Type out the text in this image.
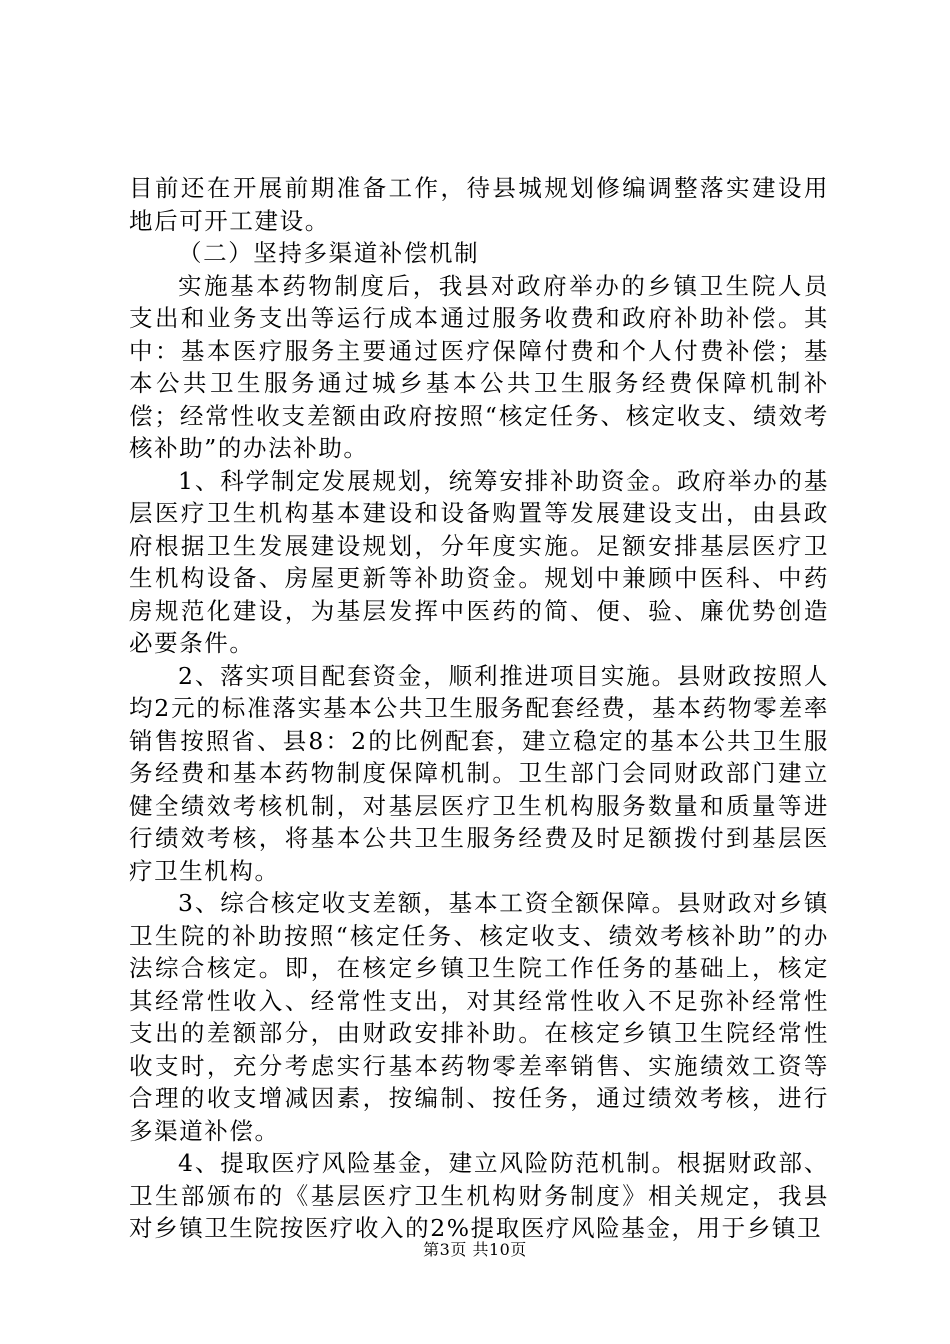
目前还在开展前期准备工作，待县城规划修编调整落实建设用地后可开工建设。

（二）坚持多渠道补偿机制

实施基本药物制度后，我县对政府举办的乡镇卫生院人员支出和业务支出等运行成本通过服务收费和政府补助补偿。其中：基本医疗服务主要通过医疗保障付费和个人付费补偿；基本公共卫生服务通过城乡基本公共卫生服务经费保障机制补偿；经常性收支差额由政府按照“核定任务、核定收支、绩效考核补助”的办法补助。

1、科学制定发展规划，统筹安排补助资金。政府举办的基层医疗卫生机构基本建设和设备购置等发展建设支出，由县政府根据卫生发展建设规划，分年度实施。足额安排基层医疗卫生机构设备、房屋更新等补助资金。规划中兼顾中医科、中药房规范化建设，为基层发挥中医药的简、便、验、廉优势创造必要条件。

2、落实项目配套资金，顺利推进项目实施。县财政按照人均2元的标准落实基本公共卫生服务配套经费，基本药物零差率销售按照省、县8：2的比例配套，建立稳定的基本公共卫生服务经费和基本药物制度保障机制。卫生部门会同财政部门建立健全绩效考核机制，对基层医疗卫生机构服务数量和质量等进行绩效考核，将基本公共卫生服务经费及时足额拨付到基层医疗卫生机构。

3、综合核定收支差额，基本工资全额保障。县财政对乡镇卫生院的补助按照“核定任务、核定收支、绩效考核补助”的办法综合核定。即，在核定乡镇卫生院工作任务的基础上，核定其经常性收入、经常性支出，对其经常性收入不足弥补经常性支出的差额部分，由财政安排补助。在核定乡镇卫生院经常性收支时，充分考虑实行基本药物零差率销售、实施绩效工资等合理的收支增减因素，按编制、按任务，通过绩效考核，进行多渠道补偿。

4、提取医疗风险基金，建立风险防范机制。根据财政部、卫生部颁布的《基层医疗卫生机构财务制度》相关规定，我县对乡镇卫生院按医疗收入的2%提取医疗风险基金，用于乡镇卫

第3页 共10页
